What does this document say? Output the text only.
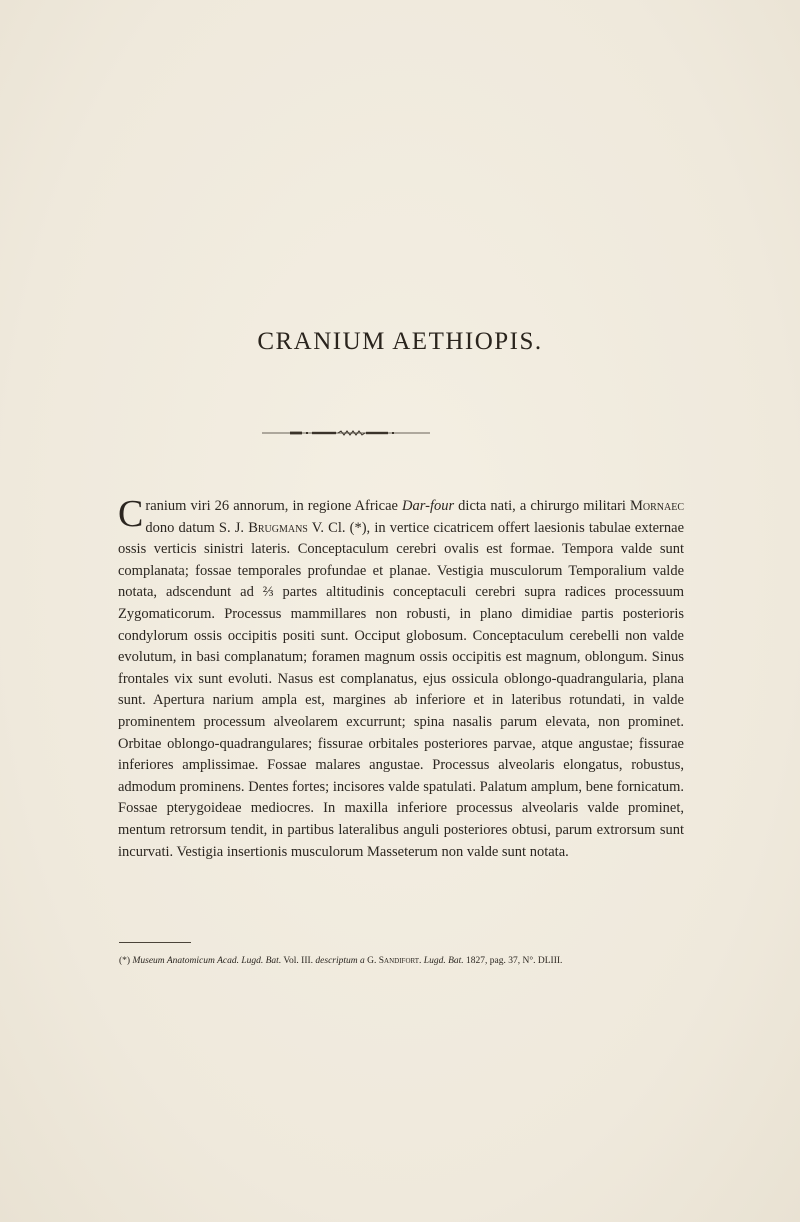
CRANIUM AETHIOPIS.

Cranium viri 26 annorum, in regione Africae Dar-four dicta nati, a chirurgo militari Mornaec dono datum S. J. Brugmans V. Cl. (*), in vertice cicatricem offert laesionis tabulae externae ossis verticis sinistri lateris. Conceptaculum cerebri ovalis est formae. Tempora valde sunt complanata; fossae temporales profundae et planae. Vestigia musculorum Temporalium valde notata, adscendunt ad ⅔ partes altitudinis conceptaculi cerebri supra radices processuum Zygomaticorum. Processus mammillares non robusti, in plano dimidiae partis posterioris condylorum ossis occipitis positi sunt. Occiput globosum. Conceptaculum cerebelli non valde evolutum, in basi complanatum; foramen magnum ossis occipitis est magnum, oblongum. Sinus frontales vix sunt evoluti. Nasus est complanatus, ejus ossicula oblongo-quadrangularia, plana sunt. Apertura narium ampla est, margines ab inferiore et in lateribus rotundati, in valde prominentem processum alveolarem excurrunt; spina nasalis parum elevata, non prominet. Orbitae oblongo-quadrangulares; fissurae orbitales posteriores parvae, atque angustae; fissurae inferiores amplissimae. Fossae malares angustae. Processus alveolaris elongatus, robustus, admodum prominens. Dentes fortes; incisores valde spatulati. Palatum amplum, bene fornicatum. Fossae pterygoideae mediocres. In maxilla inferiore processus alveolaris valde prominet, mentum retrorsum tendit, in partibus lateralibus anguli posteriores obtusi, parum extrorsum sunt incurvati. Vestigia insertionis musculorum Masseterum non valde sunt notata.

(*) Museum Anatomicum Acad. Lugd. Bat. Vol. III. descriptum a G. Sandifort. Lugd. Bat. 1827, pag. 37, N°. DLIII.
